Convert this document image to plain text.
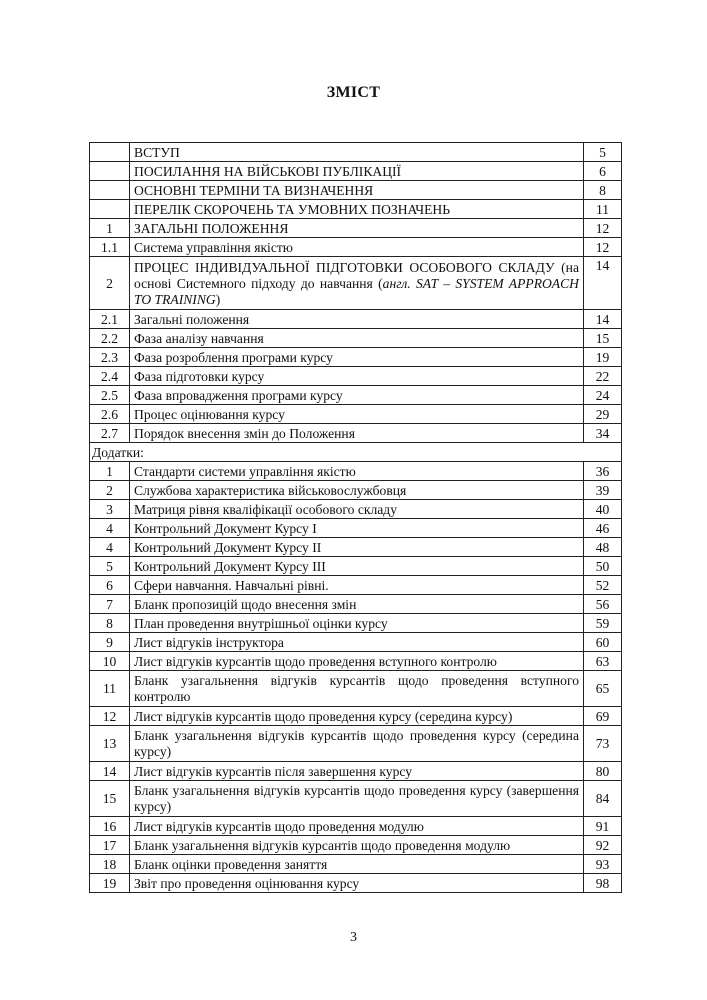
ЗМІСТ
	ВСТУП	5
	ПОСИЛАННЯ НА ВІЙСЬКОВІ ПУБЛІКАЦІЇ	6
	ОСНОВНІ ТЕРМІНИ ТА ВИЗНАЧЕННЯ	8
	ПЕРЕЛІК СКОРОЧЕНЬ ТА УМОВНИХ ПОЗНАЧЕНЬ	11
1	ЗАГАЛЬНІ ПОЛОЖЕННЯ	12
1.1	Система управління якістю	12
2	ПРОЦЕС ІНДИВІДУАЛЬНОЇ ПІДГОТОВКИ ОСОБОВОГО СКЛАДУ (на основі Системного підходу до навчання (англ. SAT – SYSTEM APPROACH TO TRAINING)	14
2.1	Загальні положення	14
2.2	Фаза аналізу навчання	15
2.3	Фаза розроблення програми курсу	19
2.4	Фаза підготовки курсу	22
2.5	Фаза впровадження програми курсу	24
2.6	Процес оцінювання курсу	29
2.7	Порядок внесення змін до Положення	34
Додатки:		
1	Стандарти системи управління якістю	36
2	Службова характеристика військовослужбовця	39
3	Матриця рівня кваліфікації особового складу	40
4	Контрольний Документ Курсу І	46
4	Контрольний Документ Курсу ІІ	48
5	Контрольний Документ Курсу ІІІ	50
6	Сфери навчання. Навчальні рівні.	52
7	Бланк пропозицій щодо внесення змін	56
8	План проведення внутрішньої оцінки курсу	59
9	Лист відгуків інструктора	60
10	Лист відгуків курсантів щодо проведення вступного контролю	63
11	Бланк узагальнення відгуків курсантів щодо проведення вступного контролю	65
12	Лист відгуків курсантів щодо проведення курсу (середина курсу)	69
13	Бланк узагальнення відгуків курсантів щодо проведення курсу (середина курсу)	73
14	Лист відгуків курсантів після завершення курсу	80
15	Бланк узагальнення відгуків курсантів щодо проведення курсу (завершення курсу)	84
16	Лист відгуків курсантів щодо проведення модулю	91
17	Бланк узагальнення відгуків курсантів щодо проведення модулю	92
18	Бланк оцінки проведення заняття	93
19	Звіт про проведення оцінювання курсу	98
3
